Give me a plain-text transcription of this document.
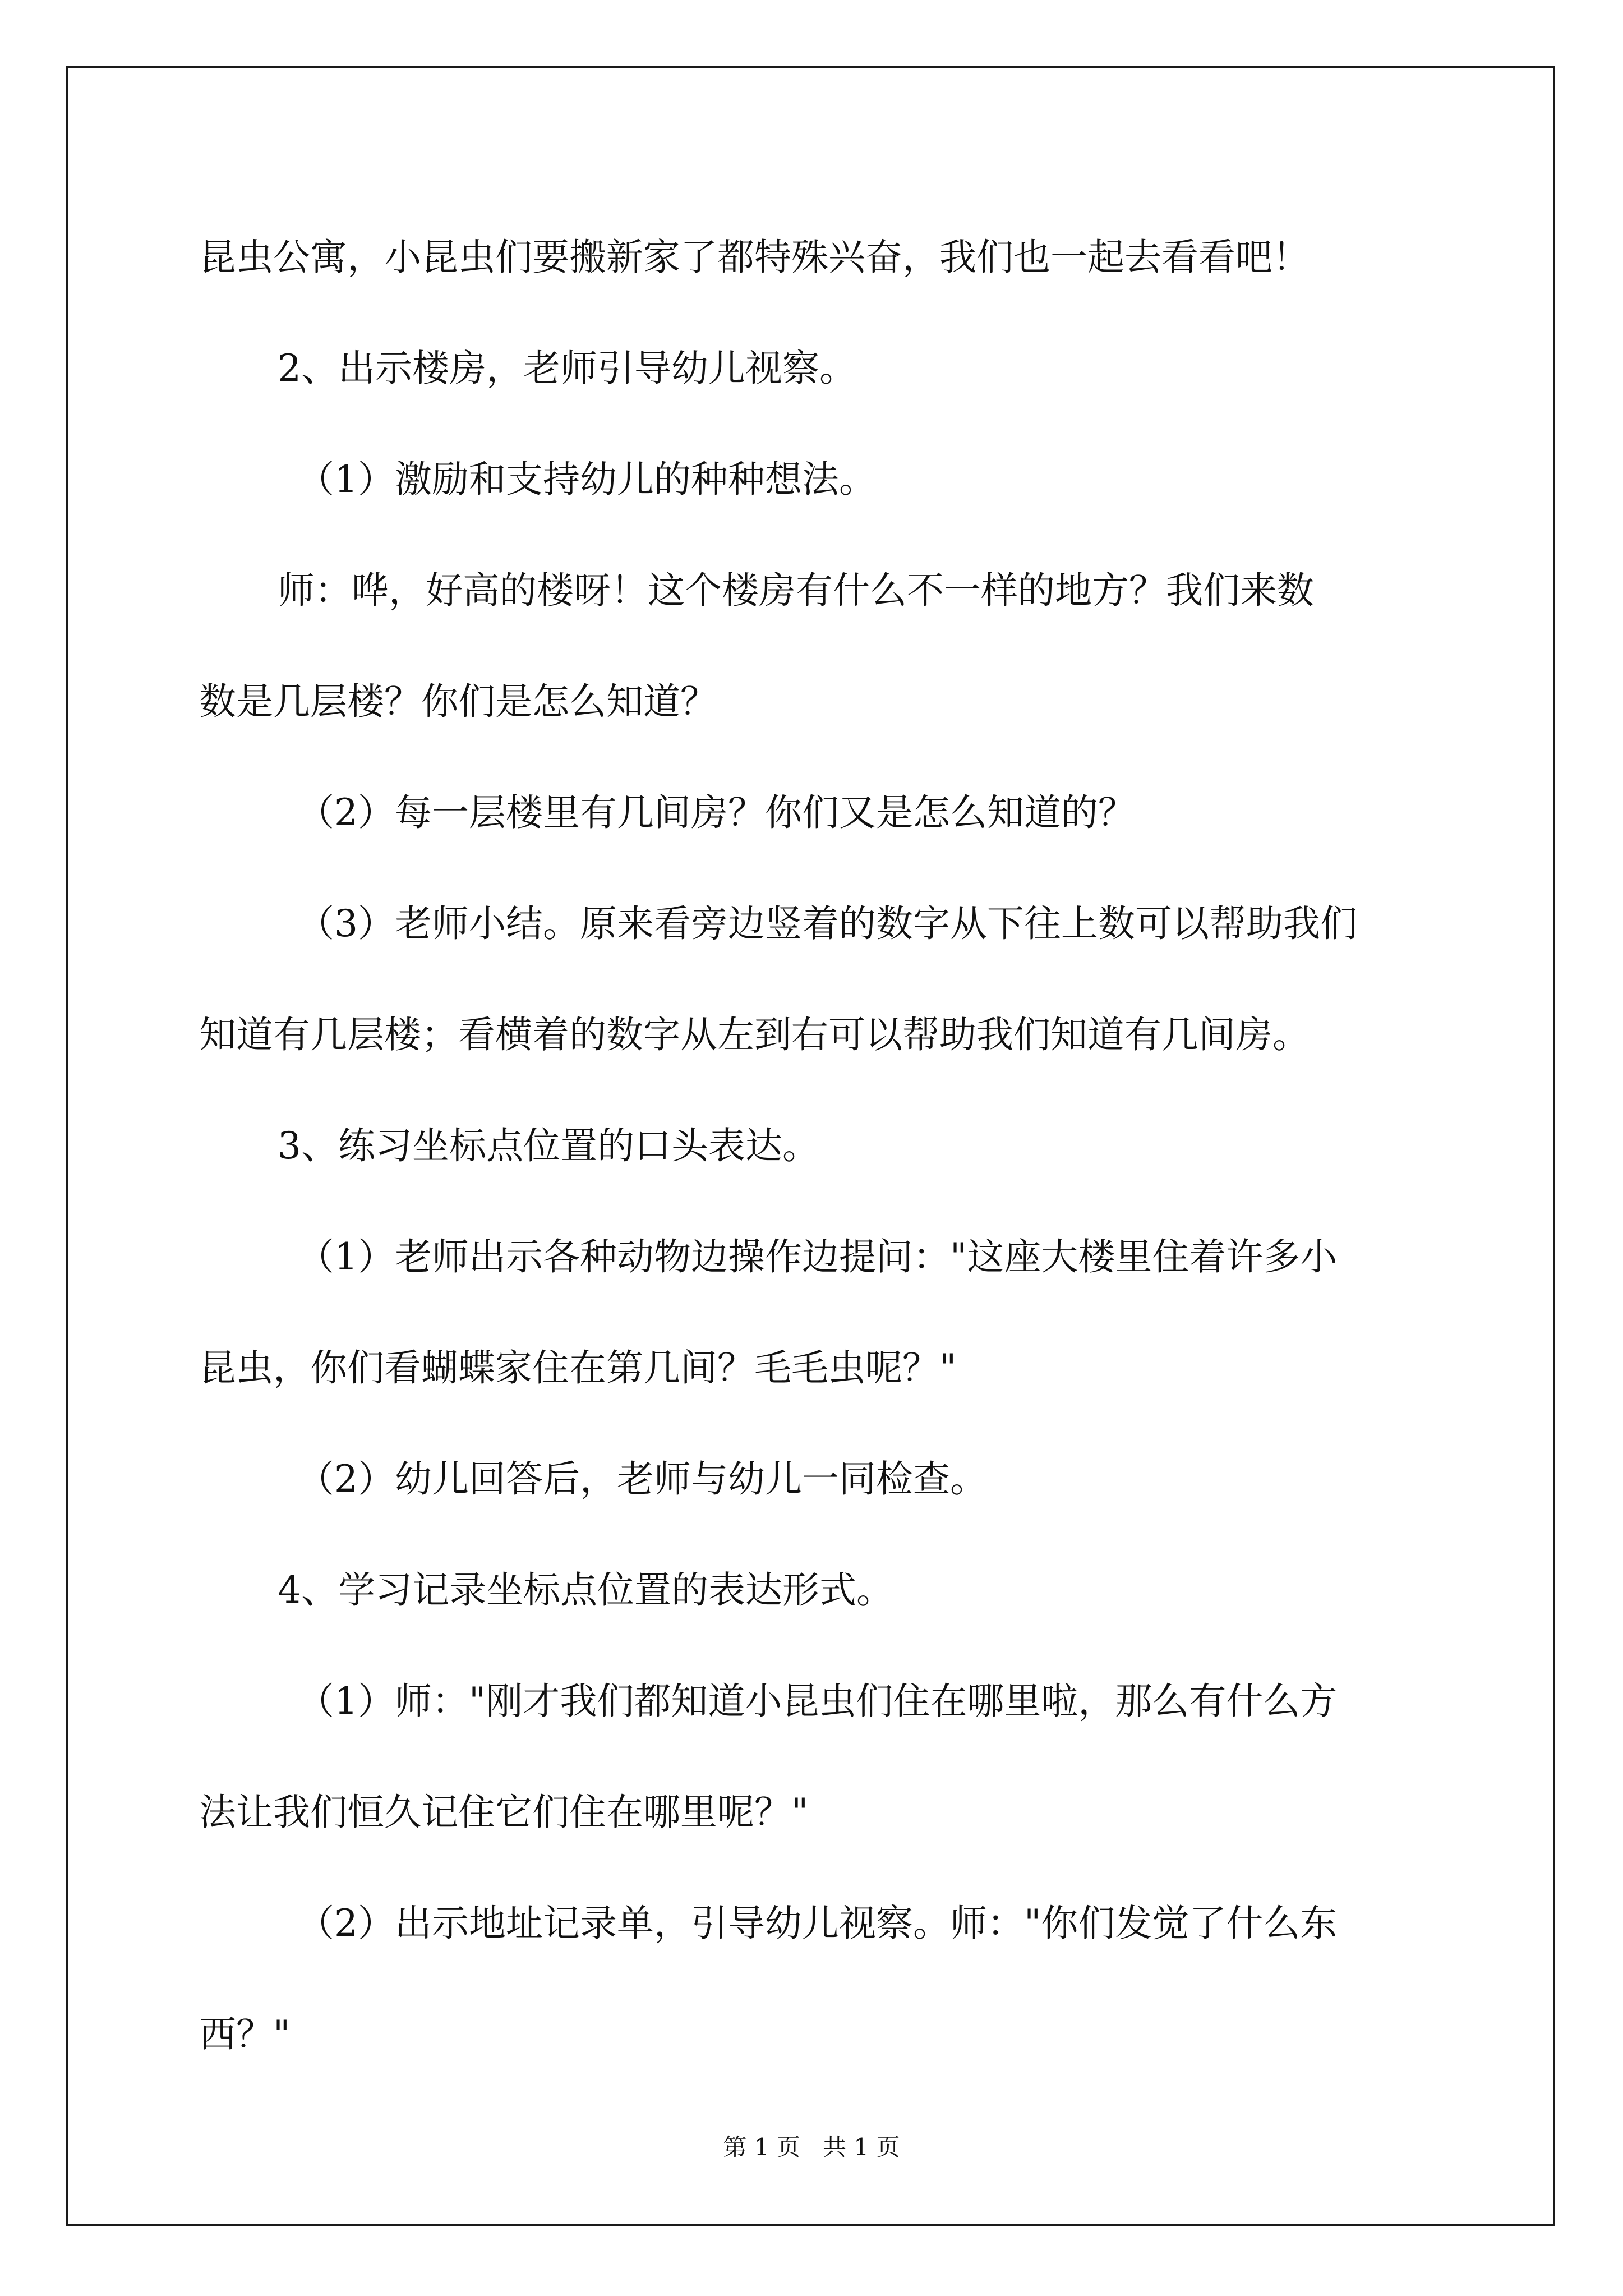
昆虫公寓，小昆虫们要搬新家了都特殊兴奋，我们也一起去看看吧！

2、出示楼房，老师引导幼儿视察。

（1）激励和支持幼儿的种种想法。

师：哗，好高的楼呀！这个楼房有什么不一样的地方？我们来数

数是几层楼？你们是怎么知道？

（2）每一层楼里有几间房？你们又是怎么知道的？

（3）老师小结。原来看旁边竖着的数字从下往上数可以帮助我们

知道有几层楼；看横着的数字从左到右可以帮助我们知道有几间房。

3、练习坐标点位置的口头表达。

（1）老师出示各种动物边操作边提问："这座大楼里住着许多小

昆虫，你们看蝴蝶家住在第几间？毛毛虫呢？"

（2）幼儿回答后，老师与幼儿一同检查。

4、学习记录坐标点位置的表达形式。

（1）师："刚才我们都知道小昆虫们住在哪里啦，那么有什么方

法让我们恒久记住它们住在哪里呢？"

（2）出示地址记录单，引导幼儿视察。师："你们发觉了什么东

西？"

第 1 页   共 1 页
